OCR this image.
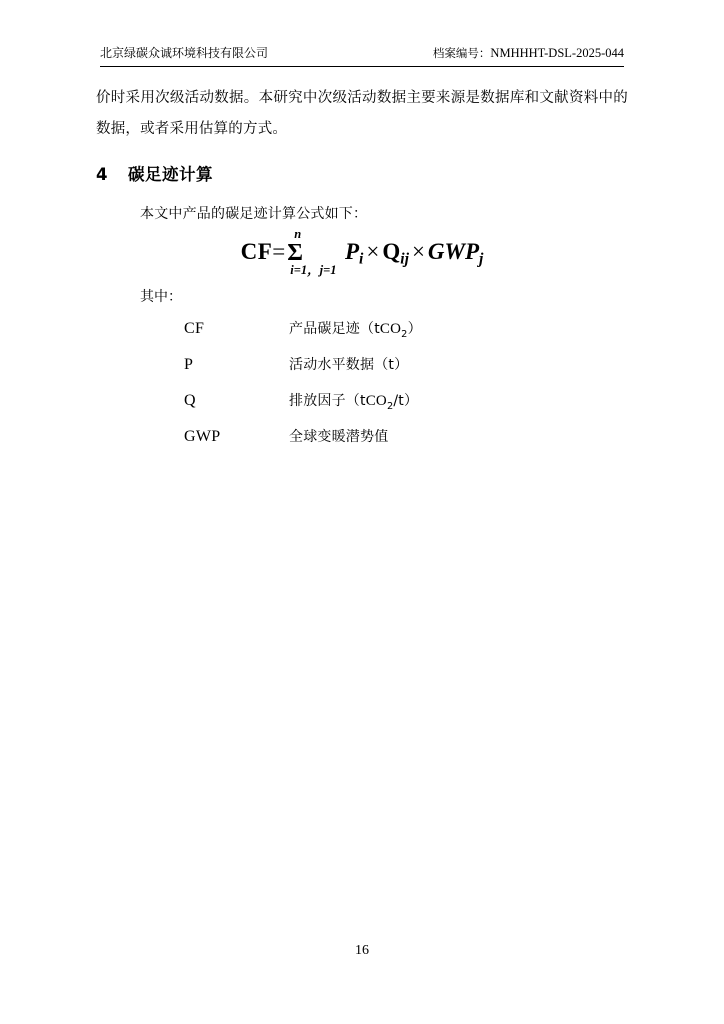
北京绿碳众诚环境科技有限公司	档案编号：NMHHHT-DSL-2025-044

价时采用次级活动数据。本研究中次级活动数据主要来源是数据库和文献资料中的数据，或者采用估算的方式。

4 碳足迹计算
本文中产品的碳足迹计算公式如下：
CF=Σ
n
i=1，j=1
$P_i \times Q_{ij} \times GWP_j$
其中：
CF	产品碳足迹（tCO$_2$）
P	活动水平数据（t）
Q	排放因子（tCO$_2$/t）
GWP	全球变暖潜势值
16
